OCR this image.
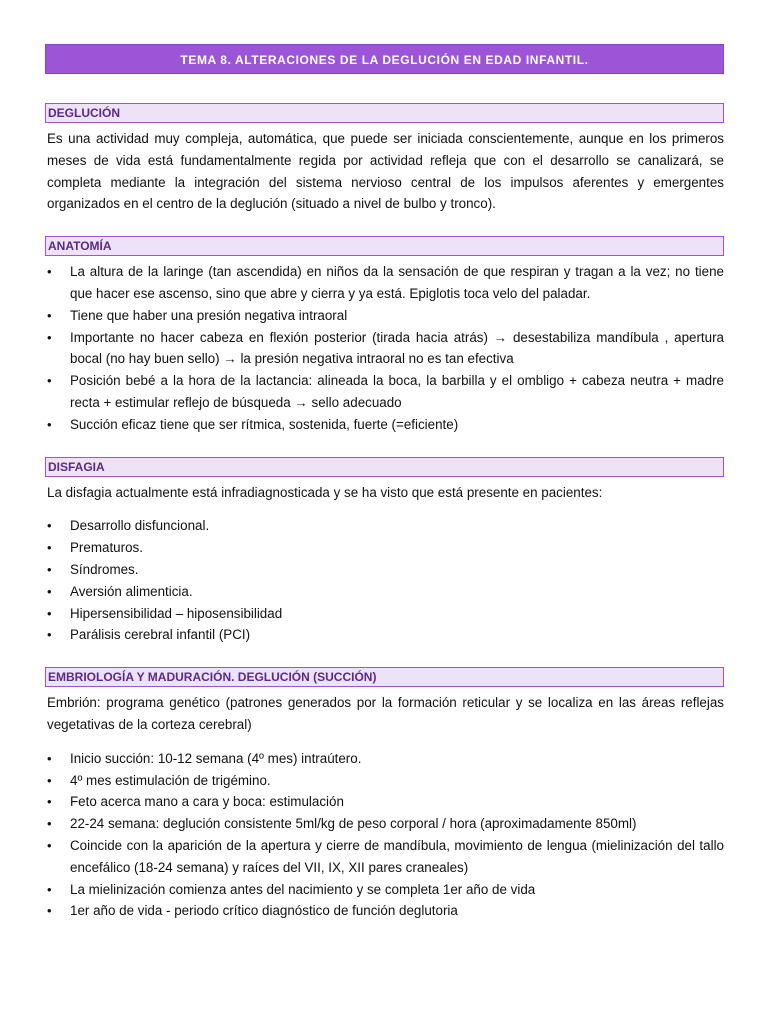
TEMA 8. ALTERACIONES DE LA DEGLUCIÓN EN EDAD INFANTIL.
DEGLUCIÓN

Es una actividad muy compleja, automática, que puede ser iniciada conscientemente, aunque en los primeros meses de vida está fundamentalmente regida por actividad refleja que con el desarrollo se canalizará, se completa mediante la integración del sistema nervioso central de los impulsos aferentes y emergentes organizados en el centro de la deglución (situado a nivel de bulbo y tronco).

ANATOMÍA
• La altura de la laringe (tan ascendida) en niños da la sensación de que respiran y tragan a la vez; no tiene que hacer ese ascenso, sino que abre y cierra y ya está. Epiglotis toca velo del paladar.
• Tiene que haber una presión negativa intraoral
• Importante no hacer cabeza en flexión posterior (tirada hacia atrás) → desestabiliza mandíbula , apertura bocal (no hay buen sello) → la presión negativa intraoral no es tan efectiva
• Posición bebé a la hora de la lactancia: alineada la boca, la barbilla y el ombligo + cabeza neutra + madre recta + estimular reflejo de búsqueda → sello adecuado
• Succión eficaz tiene que ser rítmica, sostenida, fuerte (=eficiente)
DISFAGIA

La disfagia actualmente está infradiagnosticada y se ha visto que está presente en pacientes:

• Desarrollo disfuncional.
• Prematuros.
• Síndromes.
• Aversión alimenticia.
• Hipersensibilidad – hiposensibilidad
• Parálisis cerebral infantil (PCI)
EMBRIOLOGÍA Y MADURACIÓN. DEGLUCIÓN (SUCCIÓN)

Embrión: programa genético (patrones generados por la formación reticular y se localiza en las áreas reflejas vegetativas de la corteza cerebral)

• Inicio succión: 10-12 semana (4º mes) intraútero.
• 4º mes estimulación de trigémino.
• Feto acerca mano a cara y boca: estimulación
• 22-24 semana: deglución consistente 5ml/kg de peso corporal / hora (aproximadamente 850ml)
• Coincide con la aparición de la apertura y cierre de mandíbula, movimiento de lengua (mielinización del tallo encefálico (18-24 semana) y raíces del VII, IX, XII pares craneales)
• La mielinización comienza antes del nacimiento y se completa 1er año de vida
• 1er año de vida - periodo crítico diagnóstico de función deglutoria
